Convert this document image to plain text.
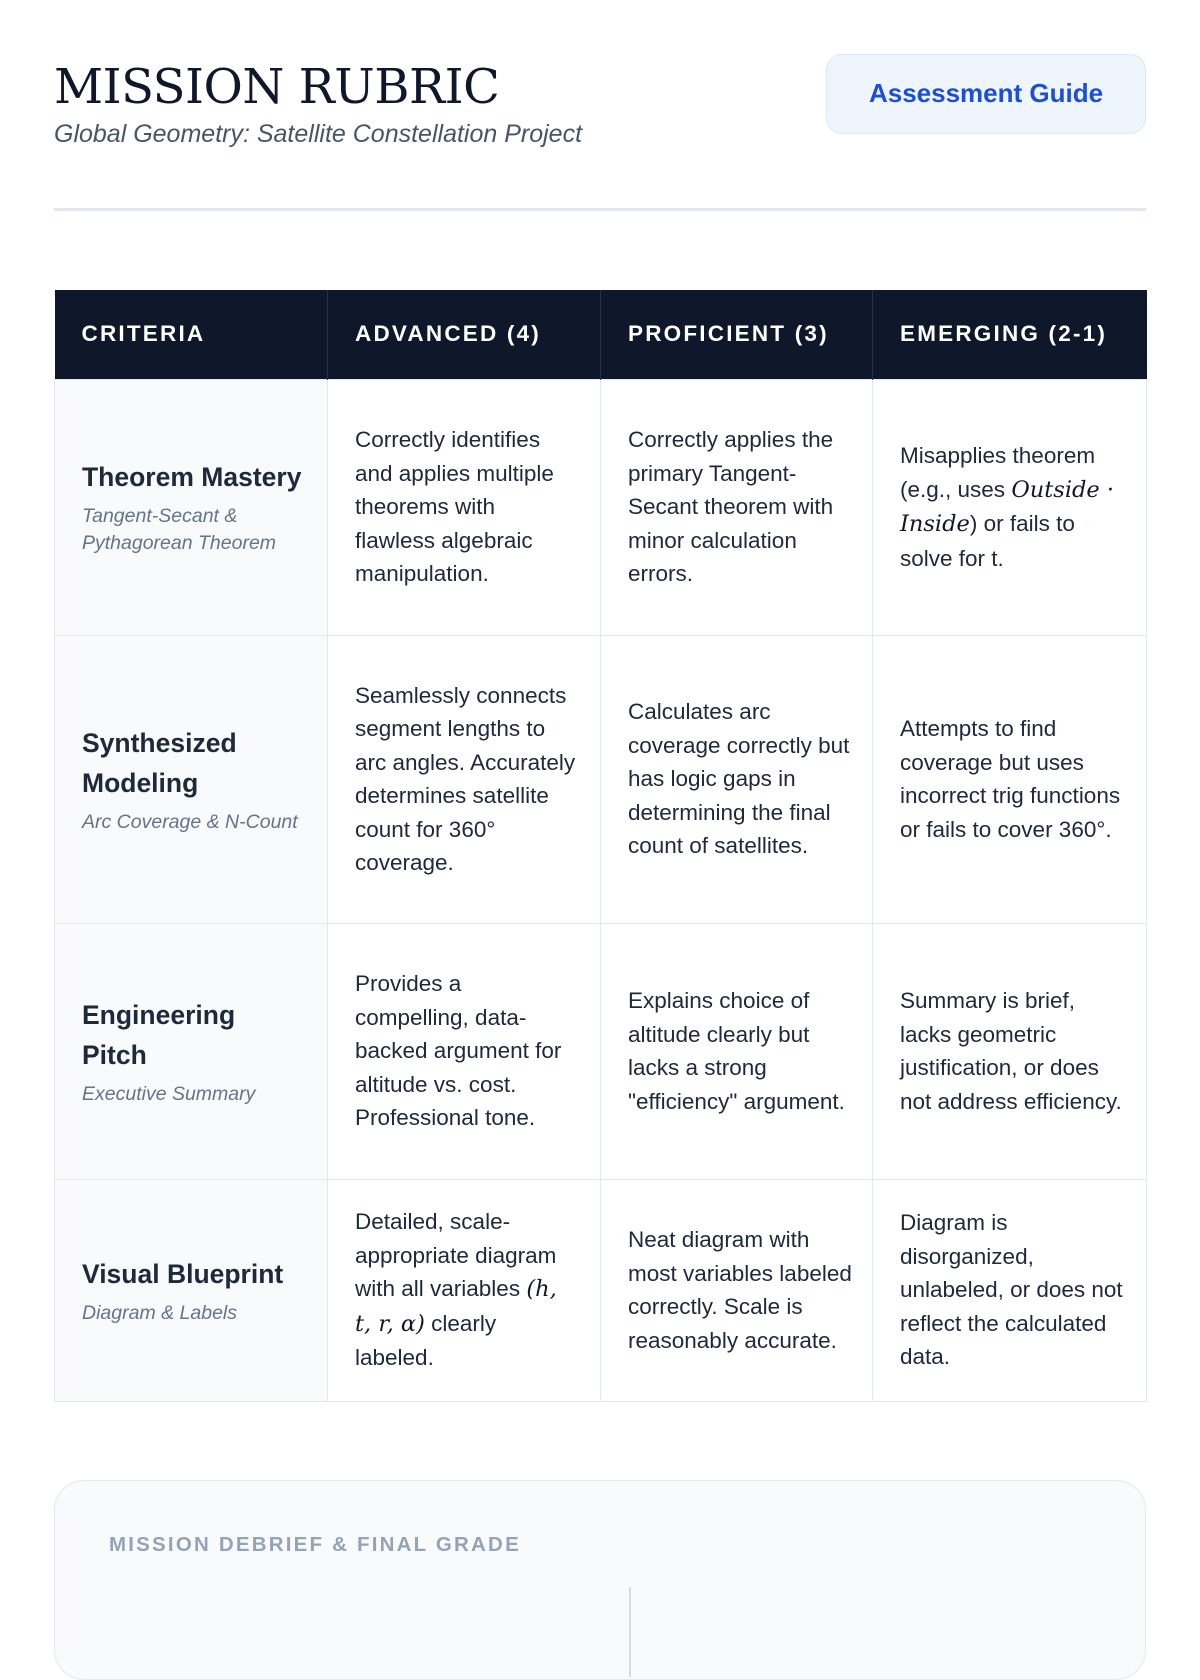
MISSION RUBRIC

Global Geometry: Satellite Constellation Project

Assessment Guide
CRITERIA	ADVANCED (4)	PROFICIENT (3)	EMERGING (2-1)

Theorem Mastery
Tangent-Secant & Pythagorean Theorem	Correctly identifies and applies multiple theorems with flawless algebraic manipulation.	Correctly applies the primary Tangent-Secant theorem with minor calculation errors.	Misapplies theorem (e.g., uses Outside · Inside) or fails to solve for t.

Synthesized Modeling
Arc Coverage & N-Count	Seamlessly connects segment lengths to arc angles. Accurately determines satellite count for 360° coverage.	Calculates arc coverage correctly but has logic gaps in determining the final count of satellites.	Attempts to find coverage but uses incorrect trig functions or fails to cover 360°.

Engineering Pitch
Executive Summary	Provides a compelling, data-backed argument for altitude vs. cost. Professional tone.	Explains choice of altitude clearly but lacks a strong "efficiency" argument.	Summary is brief, lacks geometric justification, or does not address efficiency.

Visual Blueprint
Diagram & Labels	Detailed, scale-appropriate diagram with all variables (h, t, r, α) clearly labeled.	Neat diagram with most variables labeled correctly. Scale is reasonably accurate.	Diagram is disorganized, unlabeled, or does not reflect the calculated data.
MISSION DEBRIEF & FINAL GRADE
